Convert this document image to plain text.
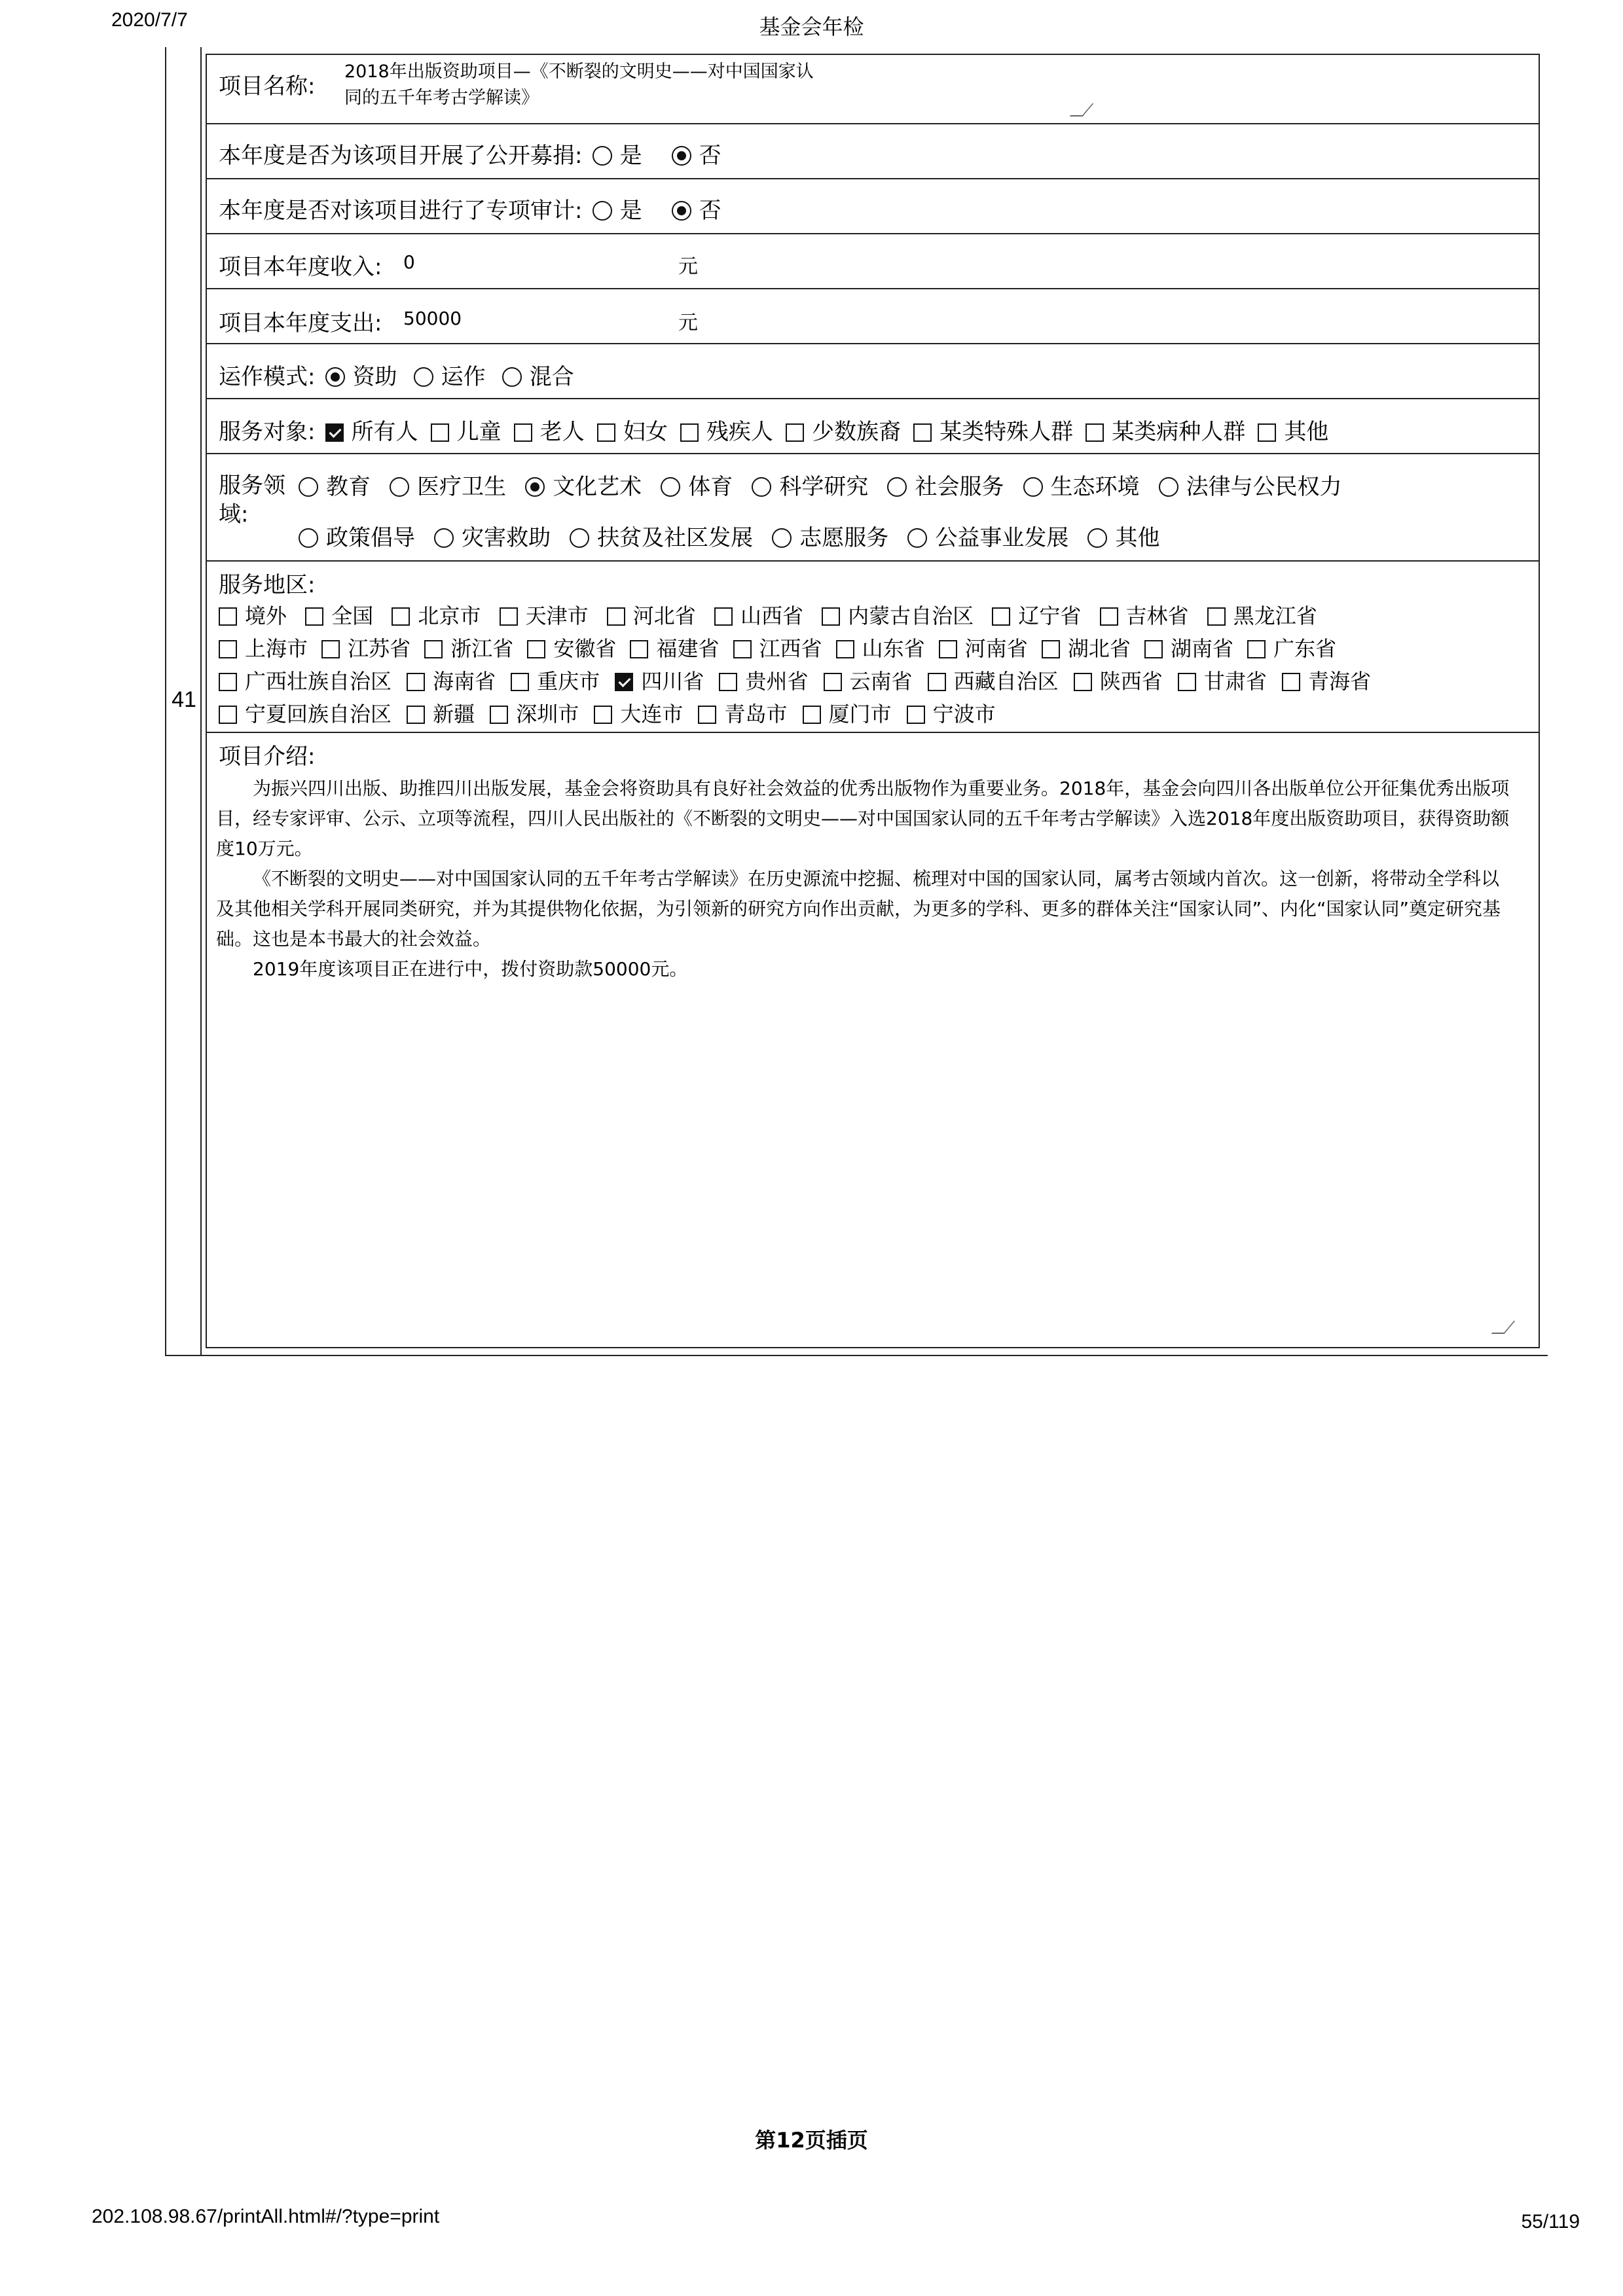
2020/7/7	基金会年检
41
项目名称:
2018年出版资助项目—《不断裂的文明史——对中国国家认
同的五千年考古学解读》
本年度是否为该项目开展了公开募捐: 是	否
本年度是否对该项目进行了专项审计: 是	否
项目本年度收入: 0	元
项目本年度支出: 50000	元
运作模式: 资助 运作 混合
服务对象: 所有人 儿童 老人 妇女 残疾人 少数族裔 某类特殊人群 某类病种人群 其他
服务领
域:
教育 医疗卫生 文化艺术 体育 科学研究 社会服务 生态环境 法律与公民权力
政策倡导 灾害救助 扶贫及社区发展 志愿服务 公益事业发展 其他
服务地区:
境外 全国 北京市 天津市 河北省 山西省 内蒙古自治区 辽宁省 吉林省 黑龙江省
上海市 江苏省 浙江省 安徽省 福建省 江西省 山东省 河南省 湖北省 湖南省 广东省
广西壮族自治区 海南省 重庆市 四川省 贵州省 云南省 西藏自治区 陕西省 甘肃省 青海省
宁夏回族自治区 新疆 深圳市 大连市 青岛市 厦门市 宁波市
项目介绍:

为振兴四川出版、助推四川出版发展，基金会将资助具有良好社会效益的优秀出版物作为重要业务。2018年，基金会向四川各出版单位公开征集优秀出版项目，经专家评审、公示、立项等流程，四川人民出版社的《不断裂的文明史——对中国国家认同的五千年考古学解读》入选2018年度出版资助项目，获得资助额度10万元。

《不断裂的文明史——对中国国家认同的五千年考古学解读》在历史源流中挖掘、梳理对中国的国家认同，属考古领域内首次。这一创新，将带动全学科以及其他相关学科开展同类研究，并为其提供物化依据，为引领新的研究方向作出贡献，为更多的学科、更多的群体关注“国家认同”、内化“国家认同”奠定研究基础。这也是本书最大的社会效益。

2019年度该项目正在进行中，拨付资助款50000元。

第12页插页
202.108.98.67/printAll.html#/?type=print	55/119
